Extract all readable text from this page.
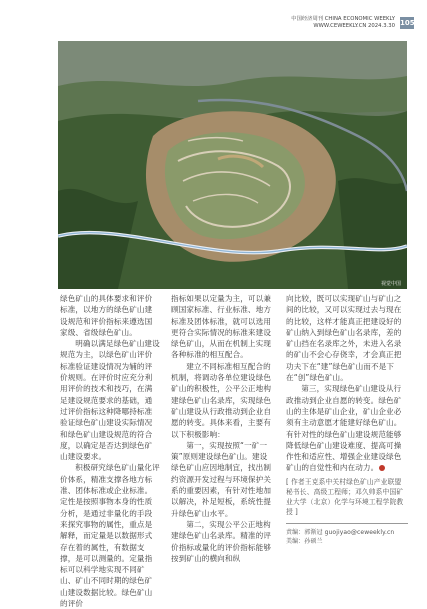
中国经济周刊 CHINA ECONOMIC WEEKLY
WWW.CEWEEKLY.CN 2024.3.30 105
视觉中国

绿色矿山的具体要求和评价标准，以地方的绿色矿山建设规范和评价指标来遵选国家级、省级绿色矿山。

明确以满足绿色矿山建设规范为主，以绿色矿山评价标准验证建设情况为辅的评价规则。在评价时应充分利用评价的技术和技巧，在满足建设规范要求的基础，通过评价指标这种降哪持标准验证绿色矿山建设实际情况和绿色矿山建设规范的符合度，以确定是否达到绿色矿山建设要求。

积极研究绿色矿山量化评价体系，精准支撑各地方标准、团体标准或企业标准。定性是按照事物本身的性质分析，是通过非量化的手段来探究事物的属性，重点是解释，而定量是以数据形式存在着的属性，有数据支撑，是可以测量的。定量指标可以科学地实现不同矿山、矿山不同时期的绿色矿山建设数据比较。绿色矿山的评价

指标如果以定量为主，可以兼顾国家标准、行业标准、地方标准及团体标准，就可以选用更符合实际情况的标准来建设绿色矿山，从而在机制上实现各种标准的相互配合。

建立不同标准相互配合的机制，将调动各单位建设绿色矿山的积极性，公平公正地构建绿色矿山名录库，实现绿色矿山建设从行政推动到企业自愿的转变。具体来看，主要有以下积极影响：

第一，实现按照“一矿一策”原则建设绿色矿山。建设绿色矿山应因地制宜，找出制约资源开发过程与环境保护关系的重要因素，有针对性地加以解决，补足短板，系统性提升绿色矿山水平。

第二，实现公平公正地构建绿色矿山名录库。精准的评价指标或量化的评价指标能够按到矿山的横向和纵

向比较，既可以实现矿山与矿山之间的比较，又可以实现过去与现在的比较，这样才能真正把建设好的矿山纳入到绿色矿山名录库，差的矿山挡在名录库之外，未进入名录的矿山不会心存侥幸，才会真正把功夫下在“建”绿色矿山而不是下在“创”绿色矿山。

第三，实现绿色矿山建设从行政推动到企业自愿的转变。绿色矿山的主体是矿山企业，矿山企业必须有主动意愿才能建好绿色矿山。有针对性的绿色矿山建设规范能够降低绿色矿山建设难度、提高可操作性和适应性、增强企业建设绿色矿山的自觉性和内在动力。

[ 作者王克系中关村绿色矿山产业联盟秘书长、高级工程师；邓久帅系中国矿业大学（北京）化学与环境工程学院教授 ]
责编：郭渐冠 guojiyao@ceweekly.cn
美编：孙硕兰
